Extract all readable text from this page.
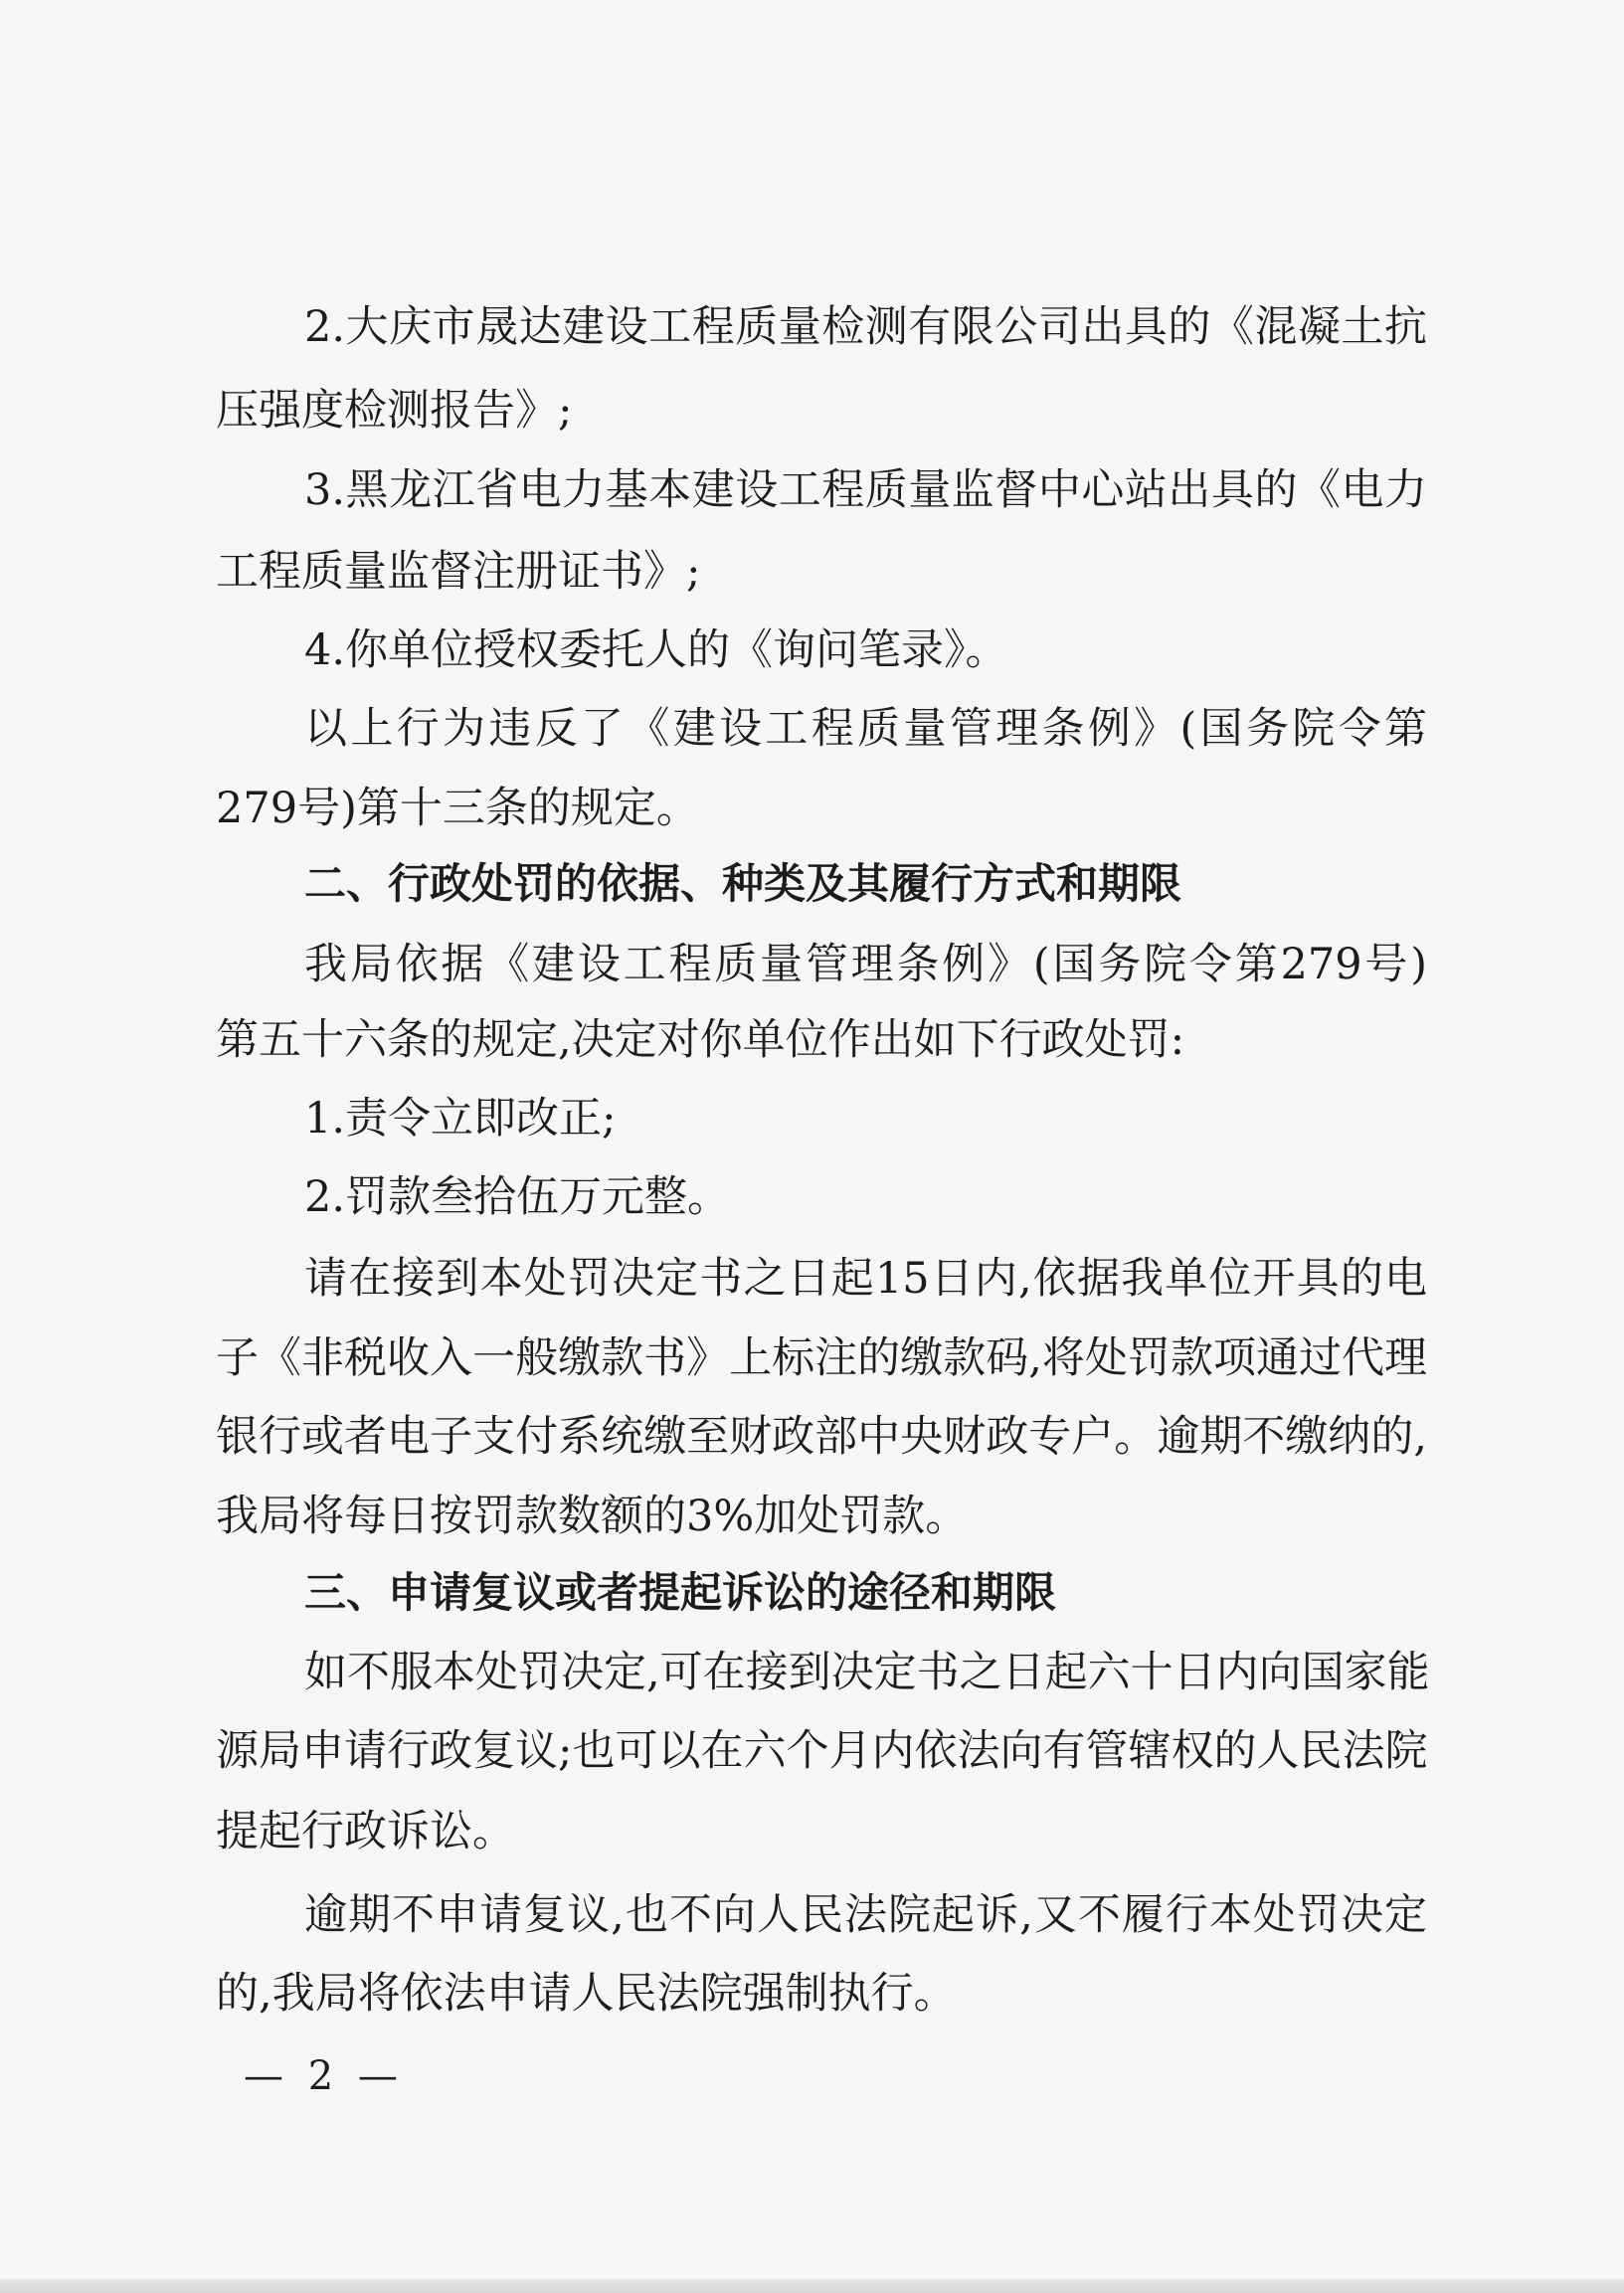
2.大庆市晟达建设工程质量检测有限公司出具的《混凝土抗
压强度检测报告》;
3.黑龙江省电力基本建设工程质量监督中心站出具的《电力
工程质量监督注册证书》;
4.你单位授权委托人的《询问笔录》。
以上行为违反了《建设工程质量管理条例》(国务院令第
279号)第十三条的规定。
二、行政处罚的依据、种类及其履行方式和期限
我局依据《建设工程质量管理条例》(国务院令第279号)
第五十六条的规定,决定对你单位作出如下行政处罚:
1.责令立即改正;
2.罚款叁拾伍万元整。
请在接到本处罚决定书之日起15日内,依据我单位开具的电
子《非税收入一般缴款书》上标注的缴款码,将处罚款项通过代理
银行或者电子支付系统缴至财政部中央财政专户。逾期不缴纳的,
我局将每日按罚款数额的3%加处罚款。
三、申请复议或者提起诉讼的途径和期限
如不服本处罚决定,可在接到决定书之日起六十日内向国家能
源局申请行政复议;也可以在六个月内依法向有管辖权的人民法院
提起行政诉讼。
逾期不申请复议,也不向人民法院起诉,又不履行本处罚决定
的,我局将依法申请人民法院强制执行。
— 2 —
